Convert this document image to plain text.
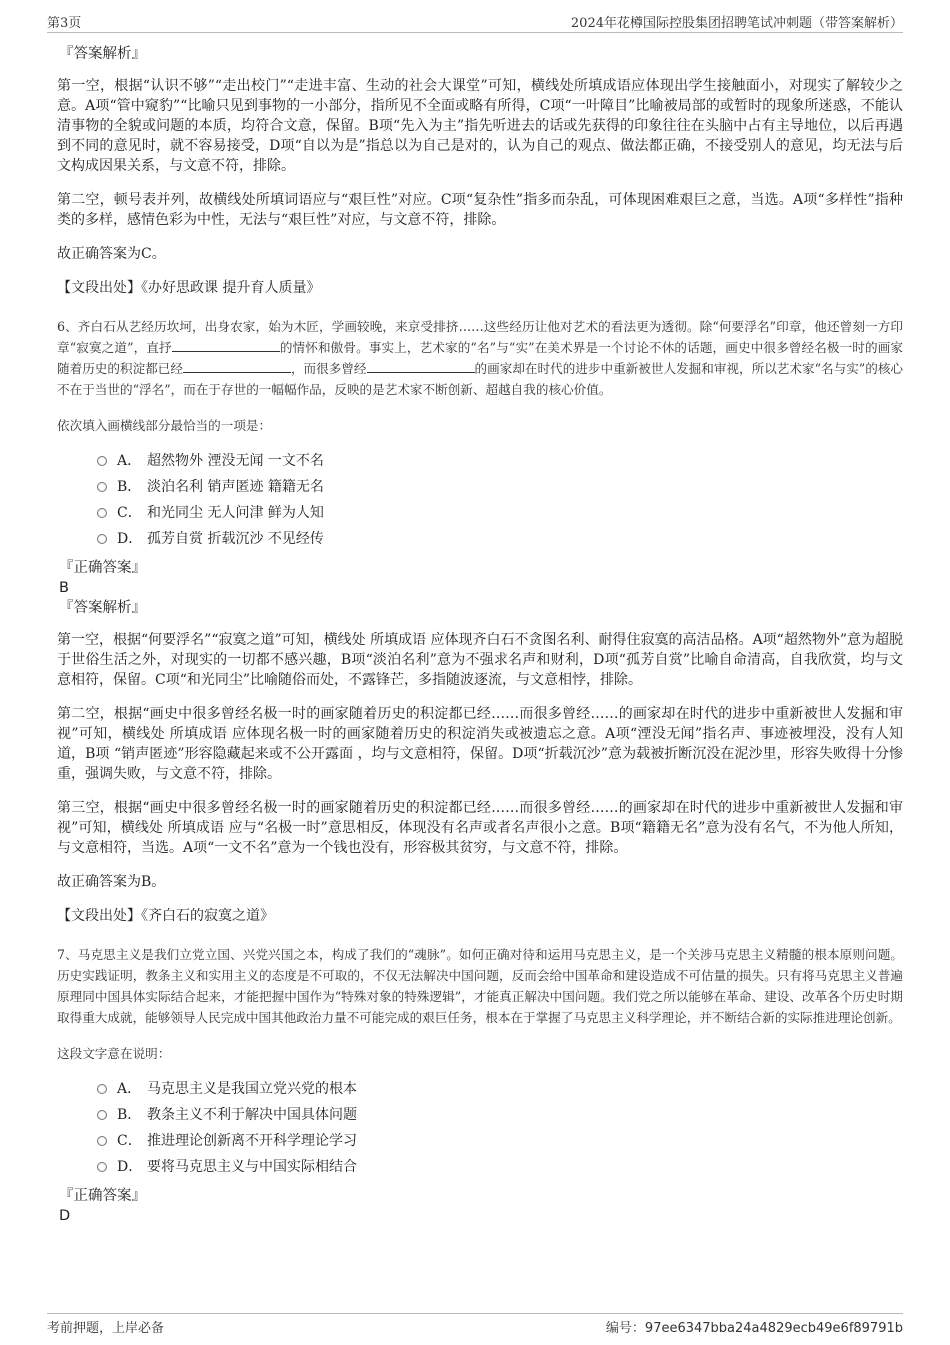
第3页	2024年花樽国际控股集团招聘笔试冲刺题（带答案解析）
『答案解析』

第一空，根据“认识不够”“走出校门”“走进丰富、生动的社会大课堂”可知，横线处所填成语应体现出学生接触面小，对现实了解较少之意。A项“管中窥豹”“比喻只见到事物的一小部分，指所见不全面或略有所得，C项“一叶障目”比喻被局部的或暂时的现象所迷惑，不能认清事物的全貌或问题的本质，均符合文意，保留。B项“先入为主”指先听进去的话或先获得的印象往往在头脑中占有主导地位，以后再遇到不同的意见时，就不容易接受，D项“自以为是”指总以为自己是对的，认为自己的观点、做法都正确，不接受别人的意见，均无法与后文构成因果关系，与文意不符，排除。

第二空，顿号表并列，故横线处所填词语应与“艰巨性”对应。C项“复杂性”指多而杂乱，可体现困难艰巨之意，当选。A项“多样性”指种类的多样，感情色彩为中性，无法与“艰巨性”对应，与文意不符，排除。

故正确答案为C。

【文段出处】《办好思政课 提升育人质量》
6、齐白石从艺经历坎坷，出身农家，始为木匠，学画较晚，来京受排挤……这些经历让他对艺术的看法更为透彻。除“何要浮名”印章，他还曾刻一方印章“寂寞之道”，直抒	的情怀和傲骨。事实上，艺术家的“名”与“实”在美术界是一个讨论不休的话题，画史中很多曾经名极一时的画家随着历史的积淀都已经	，而很多曾经	的画家却在时代的进步中重新被世人发掘和审视，所以艺术家“名与实”的核心不在于当世的“浮名”，而在于存世的一幅幅作品，反映的是艺术家不断创新、超越自我的核心价值。
依次填入画横线部分最恰当的一项是：
A． 超然物外 湮没无闻 一文不名
B． 淡泊名利 销声匿迹 籍籍无名
C． 和光同尘 无人问津 鲜为人知
D． 孤芳自赏 折载沉沙 不见经传
『正确答案』
B
『答案解析』

第一空，根据“何要浮名”“寂寞之道”可知，横线处 所填成语 应体现齐白石不贪图名利、耐得住寂寞的高洁品格。A项“超然物外”意为超脱于世俗生活之外，对现实的一切都不感兴趣，B项“淡泊名利”意为不强求名声和财利，D项“孤芳自赏”比喻自命清高，自我欣赏，均与文意相符，保留。C项“和光同尘”比喻随俗而处，不露锋芒，多指随波逐流，与文意相悖，排除。

第二空，根据“画史中很多曾经名极一时的画家随着历史的积淀都已经……而很多曾经……的画家却在时代的进步中重新被世人发掘和审视”可知，横线处 所填成语 应体现名极一时的画家随着历史的积淀消失或被遗忘之意。A项“湮没无闻”指名声、事迹被埋没，没有人知道，B项 “销声匿迹”形容隐藏起来或不公开露面 ，均与文意相符，保留。D项“折载沉沙”意为载被折断沉没在泥沙里，形容失败得十分惨重，强调失败，与文意不符，排除。

第三空，根据“画史中很多曾经名极一时的画家随着历史的积淀都已经……而很多曾经……的画家却在时代的进步中重新被世人发掘和审视”可知，横线处 所填成语 应与“名极一时”意思相反，体现没有名声或者名声很小之意。B项“籍籍无名”意为没有名气，不为他人所知，与文意相符，当选。A项“一文不名”意为一个钱也没有，形容极其贫穷，与文意不符，排除。

故正确答案为B。

【文段出处】《齐白石的寂寞之道》
7、马克思主义是我们立党立国、兴党兴国之本，构成了我们的“魂脉”。如何正确对待和运用马克思主义，是一个关涉马克思主义精髓的根本原则问题。历史实践证明，教条主义和实用主义的态度是不可取的，不仅无法解决中国问题，反而会给中国革命和建设造成不可估量的损失。只有将马克思主义普遍原理同中国具体实际结合起来，才能把握中国作为“特殊对象的特殊逻辑”，才能真正解决中国问题。我们党之所以能够在革命、建设、改革各个历史时期取得重大成就，能够领导人民完成中国其他政治力量不可能完成的艰巨任务，根本在于掌握了马克思主义科学理论，并不断结合新的实际推进理论创新。
这段文字意在说明：
A． 马克思主义是我国立党兴党的根本
B． 教条主义不利于解决中国具体问题
C． 推进理论创新离不开科学理论学习
D． 要将马克思主义与中国实际相结合
『正确答案』
D
考前押题，上岸必备	编号：97ee6347bba24a4829ecb49e6f89791b
